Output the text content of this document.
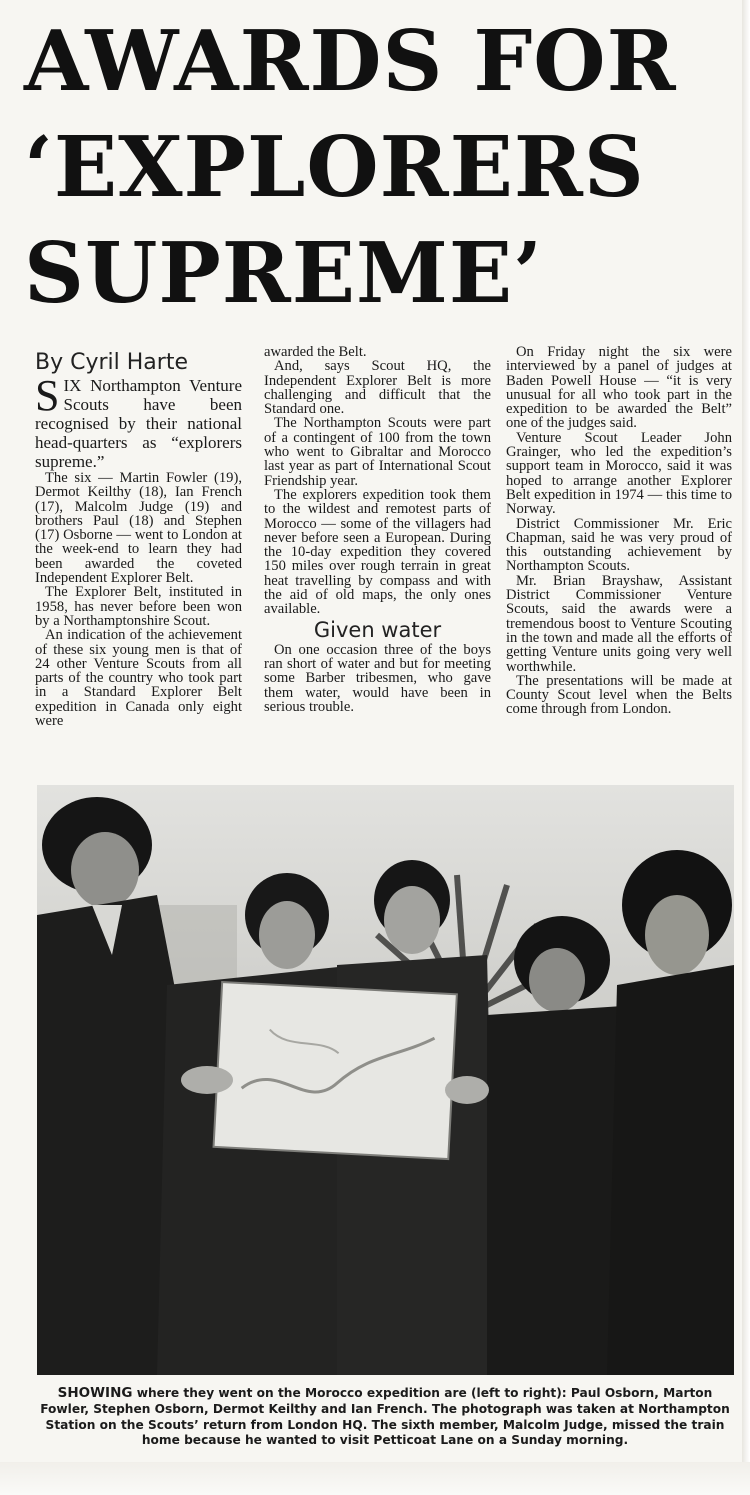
AWARDS FOR
‘EXPLORERS
SUPREME’

By Cyril Harte

SIX Northampton Venture Scouts have been recognised by their national head-quarters as “explorers supreme.”

The six — Martin Fowler (19), Dermot Keilthy (18), Ian French (17), Malcolm Judge (19) and brothers Paul (18) and Stephen (17) Osborne — went to London at the week-end to learn they had been awarded the coveted Independent Explorer Belt.

The Explorer Belt, instituted in 1958, has never before been won by a Northamptonshire Scout.

An indication of the achievement of these six young men is that of 24 other Venture Scouts from all parts of the country who took part in a Standard Explorer Belt expedition in Canada only eight were

awarded the Belt.

And, says Scout HQ, the Independent Explorer Belt is more challenging and difficult that the Standard one.

The Northampton Scouts were part of a contingent of 100 from the town who went to Gibraltar and Morocco last year as part of International Scout Friendship year.

The explorers expedition took them to the wildest and remotest parts of Morocco — some of the villagers had never before seen a European. During the 10-day expedition they covered 150 miles over rough terrain in great heat travelling by compass and with the aid of old maps, the only ones available.

Given water

On one occasion three of the boys ran short of water and but for meeting some Barber tribesmen, who gave them water, would have been in serious trouble.

On Friday night the six were interviewed by a panel of judges at Baden Powell House — “it is very unusual for all who took part in the expedition to be awarded the Belt” one of the judges said.

Venture Scout Leader John Grainger, who led the expedition’s support team in Morocco, said it was hoped to arrange another Explorer Belt expedition in 1974 — this time to Norway.

District Commissioner Mr. Eric Chapman, said he was very proud of this outstanding achievement by Northampton Scouts.

Mr. Brian Brayshaw, Assistant District Commissioner Venture Scouts, said the awards were a tremendous boost to Venture Scouting in the town and made all the efforts of getting Venture units going very well worthwhile.

The presentations will be made at County Scout level when the Belts come through from London.

SHOWING where they went on the Morocco expedition are (left to right): Paul Osborn, Marton Fowler, Stephen Osborn, Dermot Keilthy and Ian French. The photograph was taken at Northampton Station on the Scouts’ return from London HQ. The sixth member, Malcolm Judge, missed the train home because he wanted to visit Petticoat Lane on a Sunday morning.
